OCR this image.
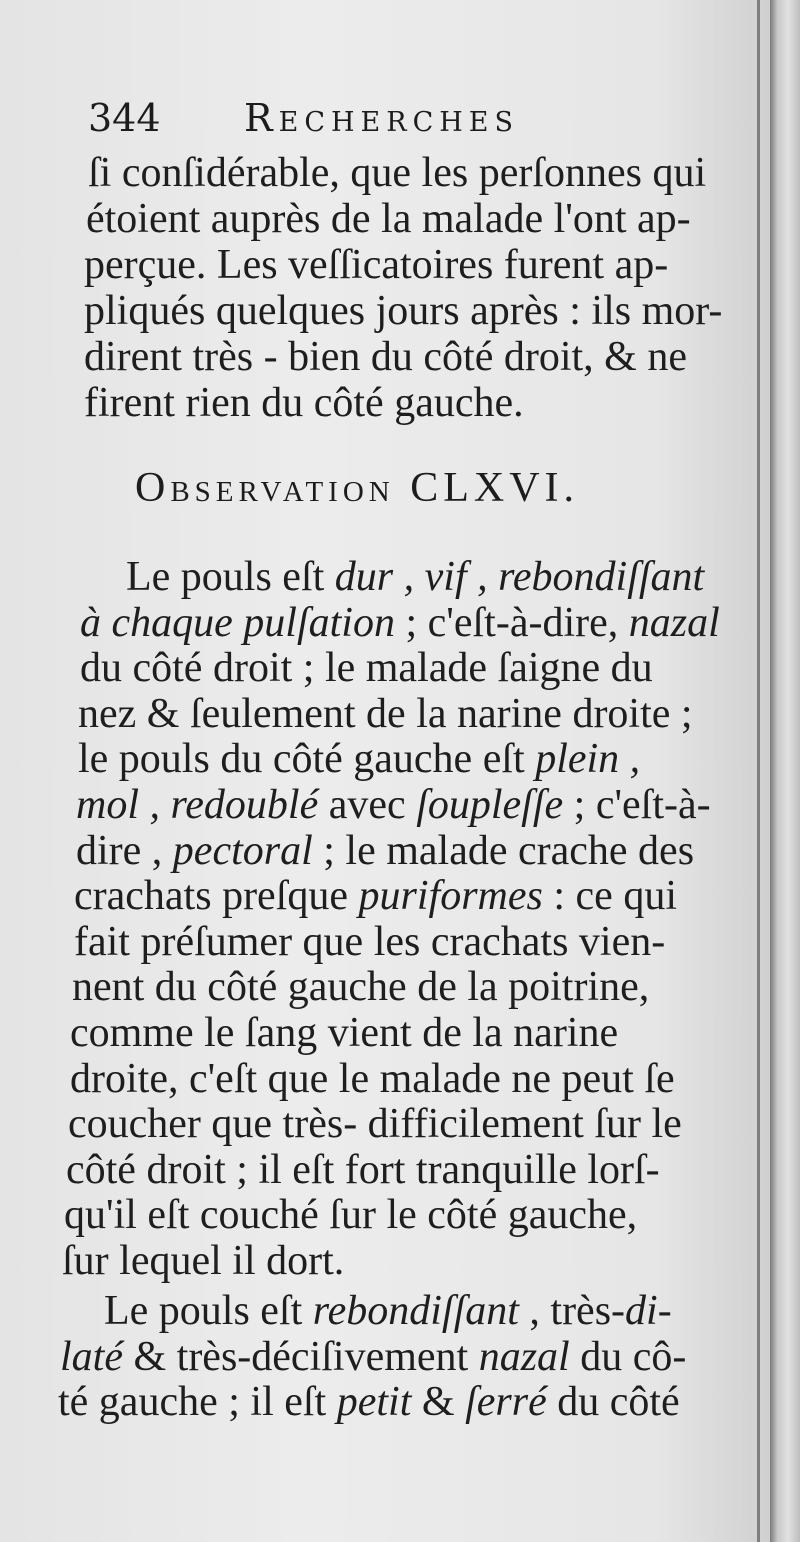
344 Recherches
ſi conſidérable, que les perſonnes qui
étoient auprès de la malade l'ont ap-
perçue. Les veſſicatoires furent ap-
pliqués quelques jours après : ils mor-
dirent très - bien du côté droit, & ne
firent rien du côté gauche.
Observation CLXVI.
Le pouls eſt dur , vif , rebondiſſant
à chaque pulſation ; c'eſt-à-dire, nazal
du côté droit ; le malade ſaigne du
nez & ſeulement de la narine droite ;
le pouls du côté gauche eſt plein ,
mol , redoublé avec ſoupleſſe ; c'eſt-à-
dire , pectoral ; le malade crache des
crachats preſque puriformes : ce qui
fait préſumer que les crachats vien-
nent du côté gauche de la poitrine,
comme le ſang vient de la narine
droite, c'eſt que le malade ne peut ſe
coucher que très- difficilement ſur le
côté droit ; il eſt fort tranquille lorſ-
qu'il eſt couché ſur le côté gauche,
ſur lequel il dort.
Le pouls eſt rebondiſſant , très-di-
laté & très-déciſivement nazal du cô-
té gauche ; il eſt petit & ſerré du côté
